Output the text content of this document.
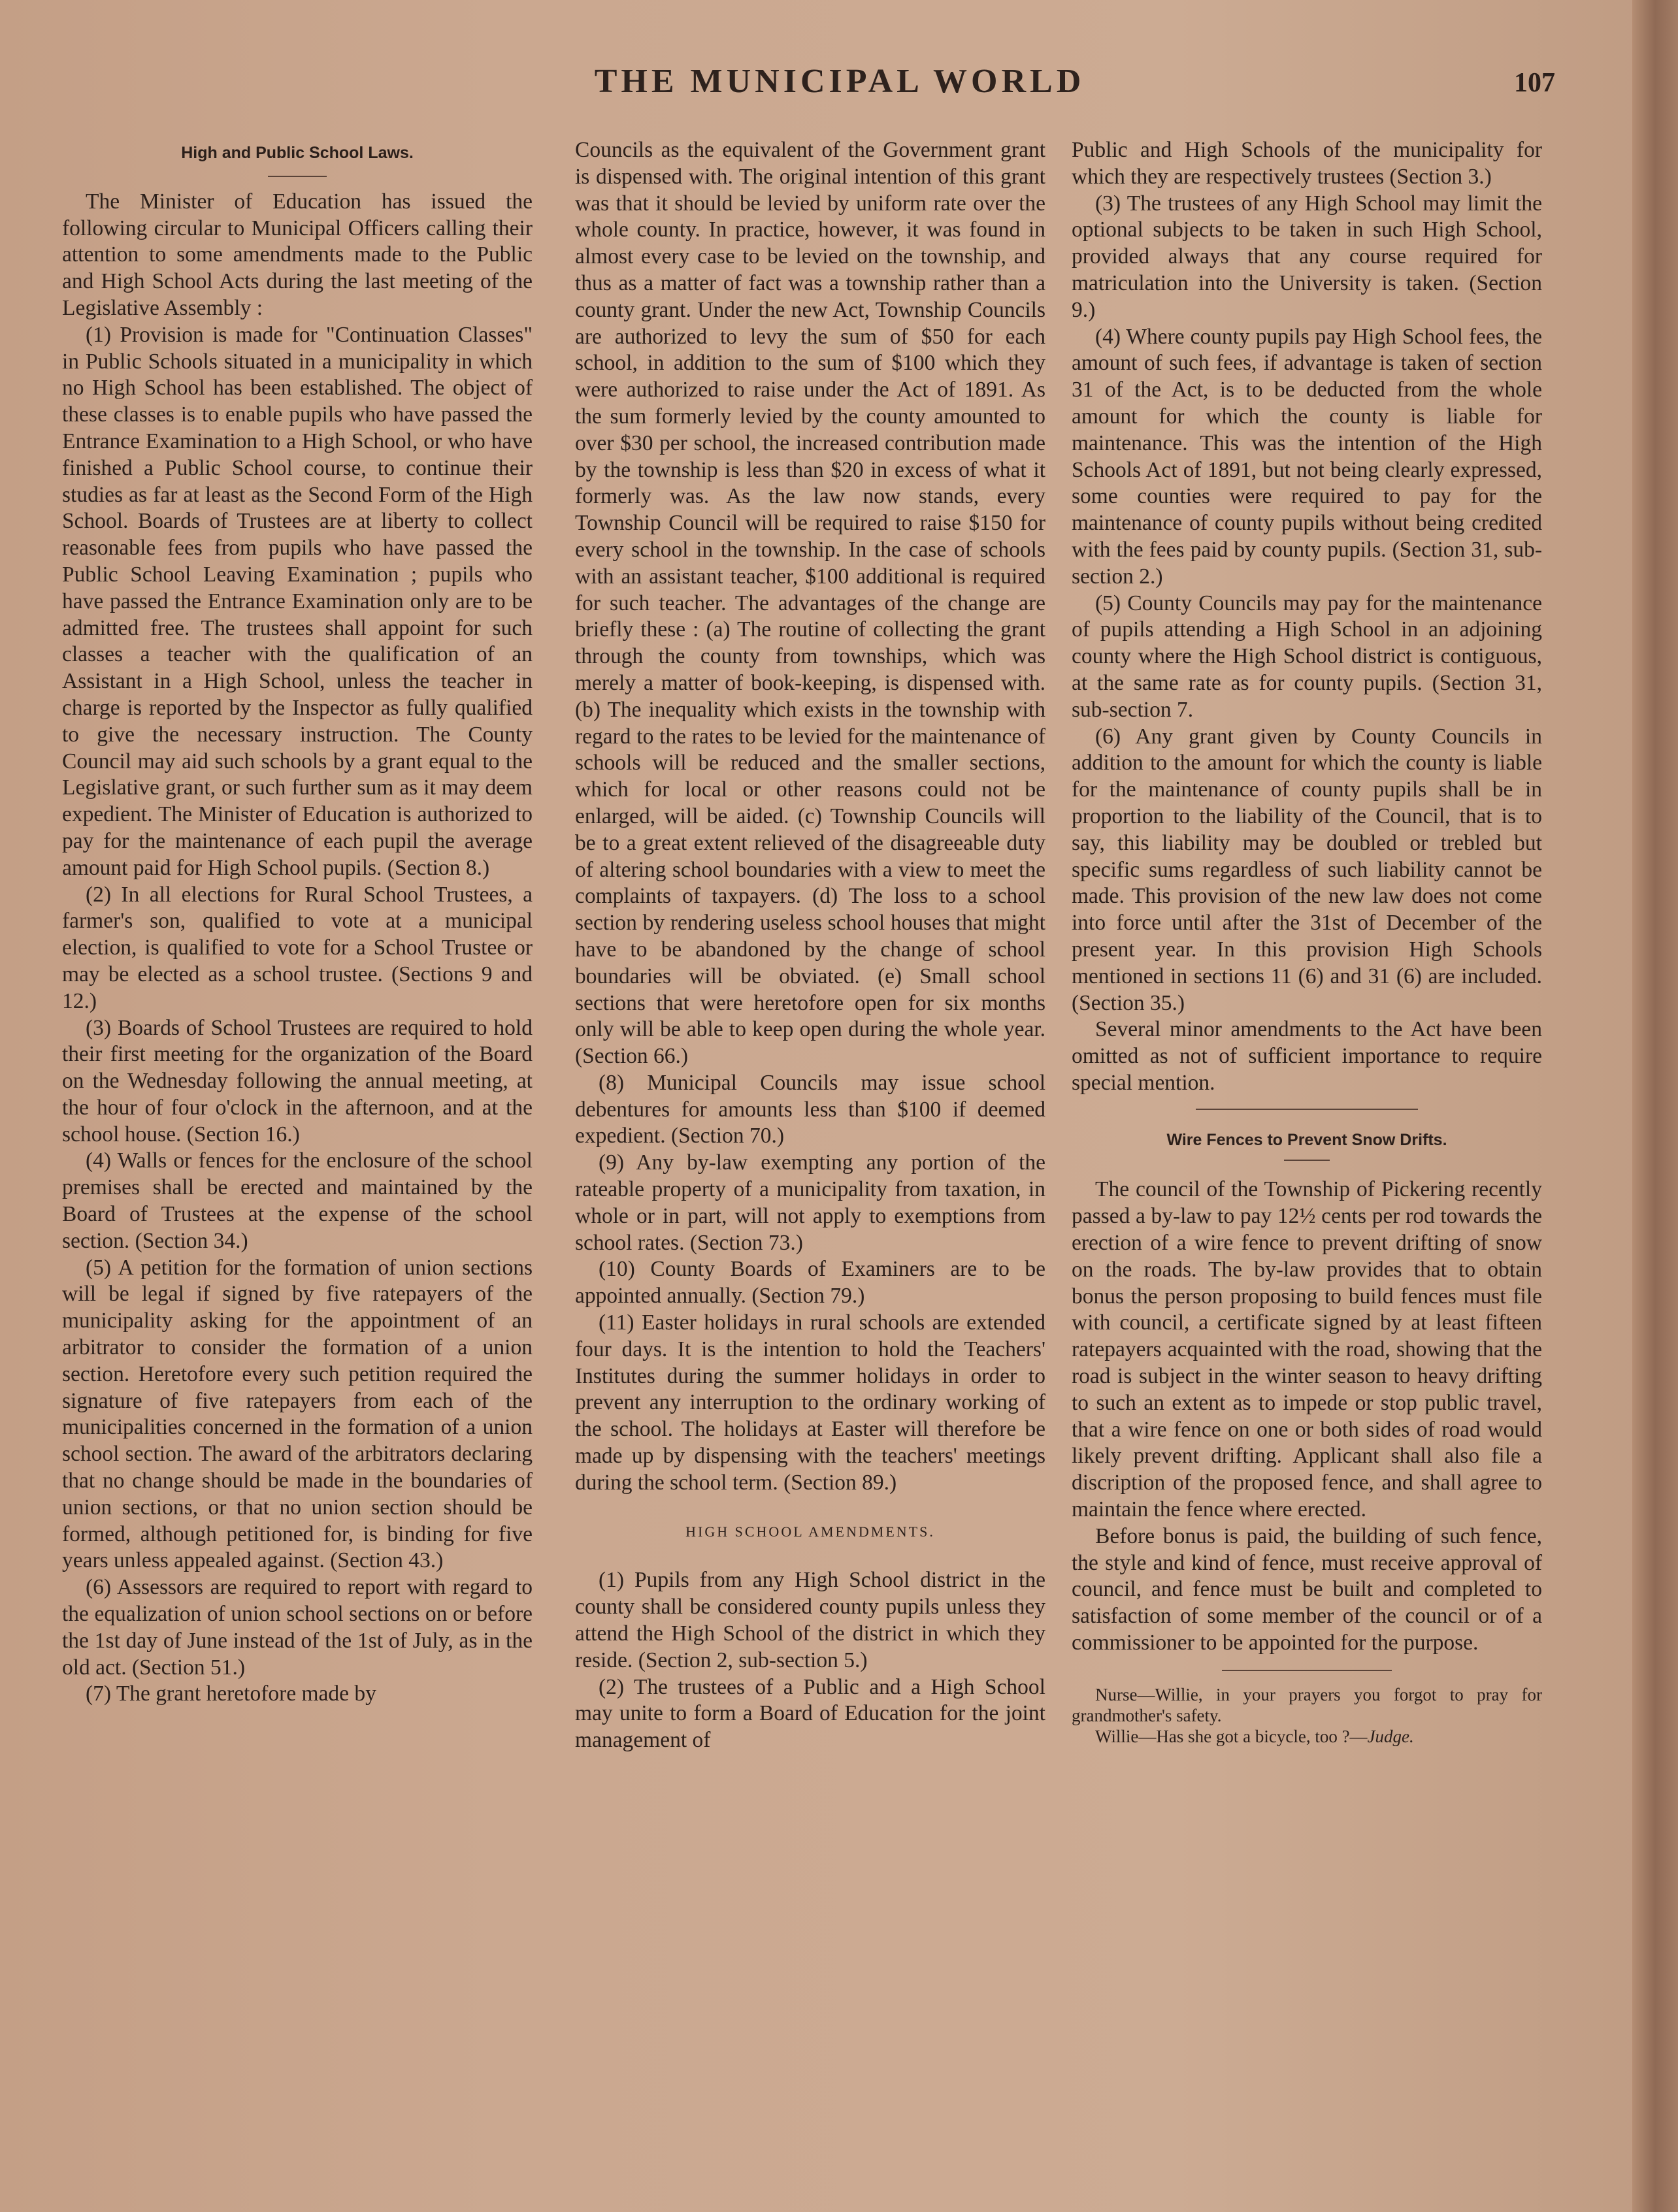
THE MUNICIPAL WORLD	107
High and Public School Laws.

The Minister of Education has issued the following circular to Municipal Officers calling their attention to some amendments made to the Public and High School Acts during the last meeting of the Legislative Assembly :

(1) Provision is made for "Continuation Classes" in Public Schools situated in a municipality in which no High School has been established. The object of these classes is to enable pupils who have passed the Entrance Examination to a High School, or who have finished a Public School course, to continue their studies as far at least as the Second Form of the High School. Boards of Trustees are at liberty to collect reasonable fees from pupils who have passed the Public School Leaving Examination ; pupils who have passed the Entrance Examination only are to be admitted free. The trustees shall appoint for such classes a teacher with the qualification of an Assistant in a High School, unless the teacher in charge is reported by the Inspector as fully qualified to give the necessary instruction. The County Council may aid such schools by a grant equal to the Legislative grant, or such further sum as it may deem expedient. The Minister of Education is authorized to pay for the maintenance of each pupil the average amount paid for High School pupils. (Section 8.)

(2) In all elections for Rural School Trustees, a farmer's son, qualified to vote at a municipal election, is qualified to vote for a School Trustee or may be elected as a school trustee. (Sections 9 and 12.)

(3) Boards of School Trustees are required to hold their first meeting for the organization of the Board on the Wednesday following the annual meeting, at the hour of four o'clock in the afternoon, and at the school house. (Section 16.)

(4) Walls or fences for the enclosure of the school premises shall be erected and maintained by the Board of Trustees at the expense of the school section. (Section 34.)

(5) A petition for the formation of union sections will be legal if signed by five ratepayers of the municipality asking for the appointment of an arbitrator to consider the formation of a union section. Heretofore every such petition required the signature of five ratepayers from each of the municipalities concerned in the formation of a union school section. The award of the arbitrators declaring that no change should be made in the boundaries of union sections, or that no union section should be formed, although petitioned for, is binding for five years unless appealed against. (Section 43.)

(6) Assessors are required to report with regard to the equalization of union school sections on or before the 1st day of June instead of the 1st of July, as in the old act. (Section 51.)

(7) The grant heretofore made by

Councils as the equivalent of the Government grant is dispensed with. The original intention of this grant was that it should be levied by uniform rate over the whole county. In practice, however, it was found in almost every case to be levied on the township, and thus as a matter of fact was a township rather than a county grant. Under the new Act, Township Councils are authorized to levy the sum of $50 for each school, in addition to the sum of $100 which they were authorized to raise under the Act of 1891. As the sum formerly levied by the county amounted to over $30 per school, the increased contribution made by the township is less than $20 in excess of what it formerly was. As the law now stands, every Township Council will be required to raise $150 for every school in the township. In the case of schools with an assistant teacher, $100 additional is required for such teacher. The advantages of the change are briefly these : (a) The routine of collecting the grant through the county from townships, which was merely a matter of book-keeping, is dispensed with. (b) The inequality which exists in the township with regard to the rates to be levied for the maintenance of schools will be reduced and the smaller sections, which for local or other reasons could not be enlarged, will be aided. (c) Township Councils will be to a great extent relieved of the disagreeable duty of altering school boundaries with a view to meet the complaints of taxpayers. (d) The loss to a school section by rendering useless school houses that might have to be abandoned by the change of school boundaries will be obviated. (e) Small school sections that were heretofore open for six months only will be able to keep open during the whole year. (Section 66.)

(8) Municipal Councils may issue school debentures for amounts less than $100 if deemed expedient. (Section 70.)

(9) Any by-law exempting any portion of the rateable property of a municipality from taxation, in whole or in part, will not apply to exemptions from school rates. (Section 73.)

(10) County Boards of Examiners are to be appointed annually. (Section 79.)

(11) Easter holidays in rural schools are extended four days. It is the intention to hold the Teachers' Institutes during the summer holidays in order to prevent any interruption to the ordinary working of the school. The holidays at Easter will therefore be made up by dispensing with the teachers' meetings during the school term. (Section 89.)

HIGH SCHOOL AMENDMENTS.

(1) Pupils from any High School district in the county shall be considered county pupils unless they attend the High School of the district in which they reside. (Section 2, sub-section 5.)

(2) The trustees of a Public and a High School may unite to form a Board of Education for the joint management of

Public and High Schools of the municipality for which they are respectively trustees (Section 3.)

(3) The trustees of any High School may limit the optional subjects to be taken in such High School, provided always that any course required for matriculation into the University is taken. (Section 9.)

(4) Where county pupils pay High School fees, the amount of such fees, if advantage is taken of section 31 of the Act, is to be deducted from the whole amount for which the county is liable for maintenance. This was the intention of the High Schools Act of 1891, but not being clearly expressed, some counties were required to pay for the maintenance of county pupils without being credited with the fees paid by county pupils. (Section 31, sub-section 2.)

(5) County Councils may pay for the maintenance of pupils attending a High School in an adjoining county where the High School district is contiguous, at the same rate as for county pupils. (Section 31, sub-section 7.

(6) Any grant given by County Councils in addition to the amount for which the county is liable for the maintenance of county pupils shall be in proportion to the liability of the Council, that is to say, this liability may be doubled or trebled but specific sums regardless of such liability cannot be made. This provision of the new law does not come into force until after the 31st of December of the present year. In this provision High Schools mentioned in sections 11 (6) and 31 (6) are included. (Section 35.)

Several minor amendments to the Act have been omitted as not of sufficient importance to require special mention.

Wire Fences to Prevent Snow Drifts.

The council of the Township of Pickering recently passed a by-law to pay 12½ cents per rod towards the erection of a wire fence to prevent drifting of snow on the roads. The by-law provides that to obtain bonus the person proposing to build fences must file with council, a certificate signed by at least fifteen ratepayers acquainted with the road, showing that the road is subject in the winter season to heavy drifting to such an extent as to impede or stop public travel, that a wire fence on one or both sides of road would likely prevent drifting. Applicant shall also file a discription of the proposed fence, and shall agree to maintain the fence where erected.

Before bonus is paid, the building of such fence, the style and kind of fence, must receive approval of council, and fence must be built and completed to satisfaction of some member of the council or of a commissioner to be appointed for the purpose.

Nurse—Willie, in your prayers you forgot to pray for grandmother's safety.
Willie—Has she got a bicycle, too ?—Judge.
